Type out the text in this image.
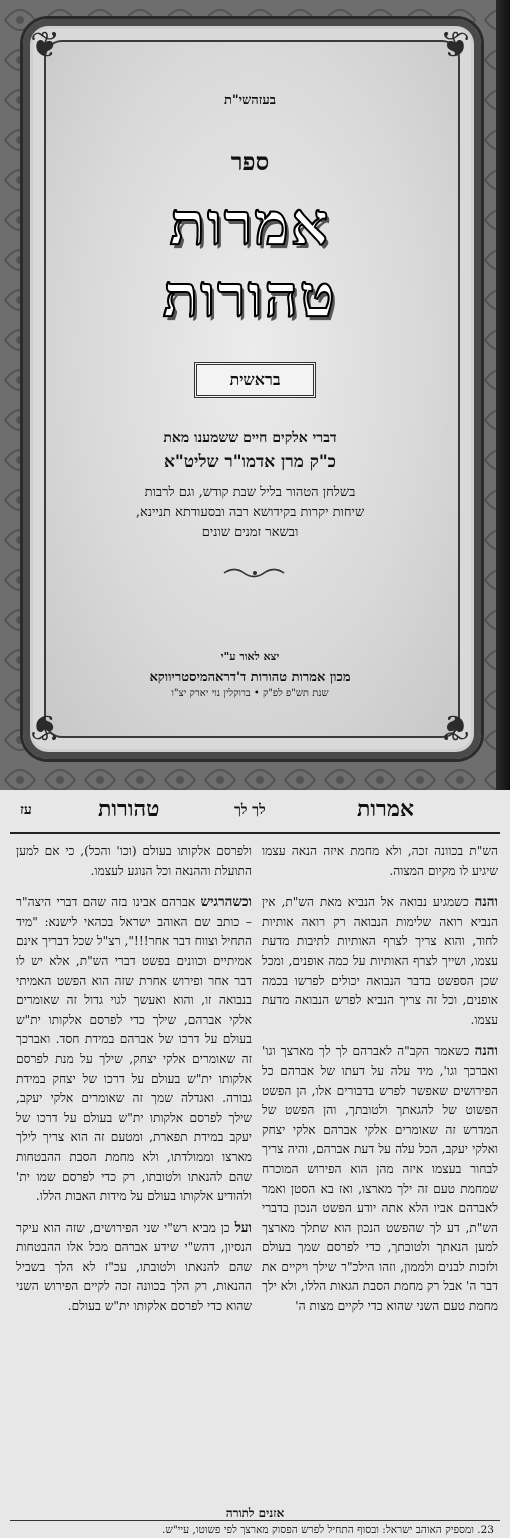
❦	❦
❦	❦
בעזהשי"ת
ספר
אמרות
טהורות
בראשית
דברי אלקים חיים ששמענו מאת
כ"ק מרן אדמו"ר שליט"א
בשלחן הטהור בליל שבת קודש, וגם לרבות
שיחות יקרות בקידושא רבה ובסעודתא תניינא,
ובשאר זמנים שונים
יצא לאור ע"י
מכון אמרות טהורות ד'דראהמיסטריווקא
שנת תש"פ לפ"ק • ברוקלין נוי יארק יצ"ו
אמרות
לך לך
טהורות
עז

הש"ת בכוונה זכה, ולא מחמת איזה הנאה עצמו שיגיע לו מקיום המצוה.

והנה כשמגיע נבואה אל הנביא מאת הש"ת, אין הנביא רואה שלימות הנבואה רק רואה אותיות לחוד, והוא צריך לצרף האותיות לתיבות מדעת עצמו, ושייך לצרף האותיות על כמה אופנים, ומכל שכן הספשט בדבר הנבואה יכולים לפרשו בכמה אופנים, וכל זה צריך הנביא לפרש הנבואה מדעת עצמו.

והנה כשאמר הקב"ה לאברהם לך לך מארצך וגו' ואברכך וגו', מיד עלה על דעתו של אברהם כל הפירושים שאפשר לפרש בדבורים אלו, הן הפשט הפשוט של להגאתך ולטובתך, והן הפשט של המדרש זה שאומרים אלקי אברהם אלקי יצחק ואלקי יעקב, הכל עלה על דעת אברהם, והיה צריך לבחור בעצמו איזה מהן הוא הפירוש המוכרח שמחמת טעם זה ילך מארצו, ואז בא הסטן ואמר לאברהם אביו הלא אתה יודע הפשט הנכון בדברי הש"ת, דע לך שהפשט הנכון הוא שתלך מארצך למען הנאתך ולטובתך, כדי לפרסם שמך בעולם ולזכות לבנים ולממון, וזהו הילכ"ר שילך ויקיים את דבר ה' אבל רק מחמת הסבת הגאות הללו, ולא ילך מחמת טעם השני שהוא כדי לקיים מצות ה'

ולפרסם אלקותו בעולם (וכו' והכל), כי אם למען התועלת וההנאה וכל הנוגע לעצמו.

וכשהרגיש אברהם אבינו בזה שהם דברי היצה"ר – כותב שם האוהב ישראל בכהאי לישנא: "מיד התחיל וצווח דבר אחר!!!", רצ"ל שכל דבריך אינם אמיתיים וכוונים בפשט דברי הש"ת, אלא יש לו דבר אחר ופירוש אחרת שזה הוא הפשט האמיתי בנבואה זו, והוא ואעשך לגוי גדול זה שאומרים אלקי אברהם, שילך כדי לפרסם אלקותו ית"ש בעולם על דרכו של אברהם במידת חסד. ואברכך זה שאומרים אלקי יצחק, שילך על מנת לפרסם אלקותו ית"ש בעולם על דרכו של יצחק במידת גבורה. ואגדלה שמך זה שאומרים אלקי יעקב, שילך לפרסם אלקותו ית"ש בעולם על דרכו של יעקב במידת תפארת, ומטעם זה הוא צריך לילך מארצו וממולדתו, ולא מחמת הסבת ההבטחות שהם להנאתו ולטובתו, רק כדי לפרסם שמו ית' ולהודיע אלקותו בעולם על מידות האבות הללו.

ועל כן מביא רש"י שני הפירושים, שזה הוא עיקר הנסיון, דהש"י שידע אברהם מכל אלו ההבטחות שהם להנאתו ולטובתו, עכ"ז לא הלך בשביל ההנאות, רק הלך בכוונה זכה לקיים הפירוש השני שהוא כדי לפרסם אלקותו ית"ש בעולם.

אזנים לתורה
23. ומספיק האוהב ישראל: ובסוף התחיל לפרש הפסוק מארצך לפי פשוטו, עיי"ש.
